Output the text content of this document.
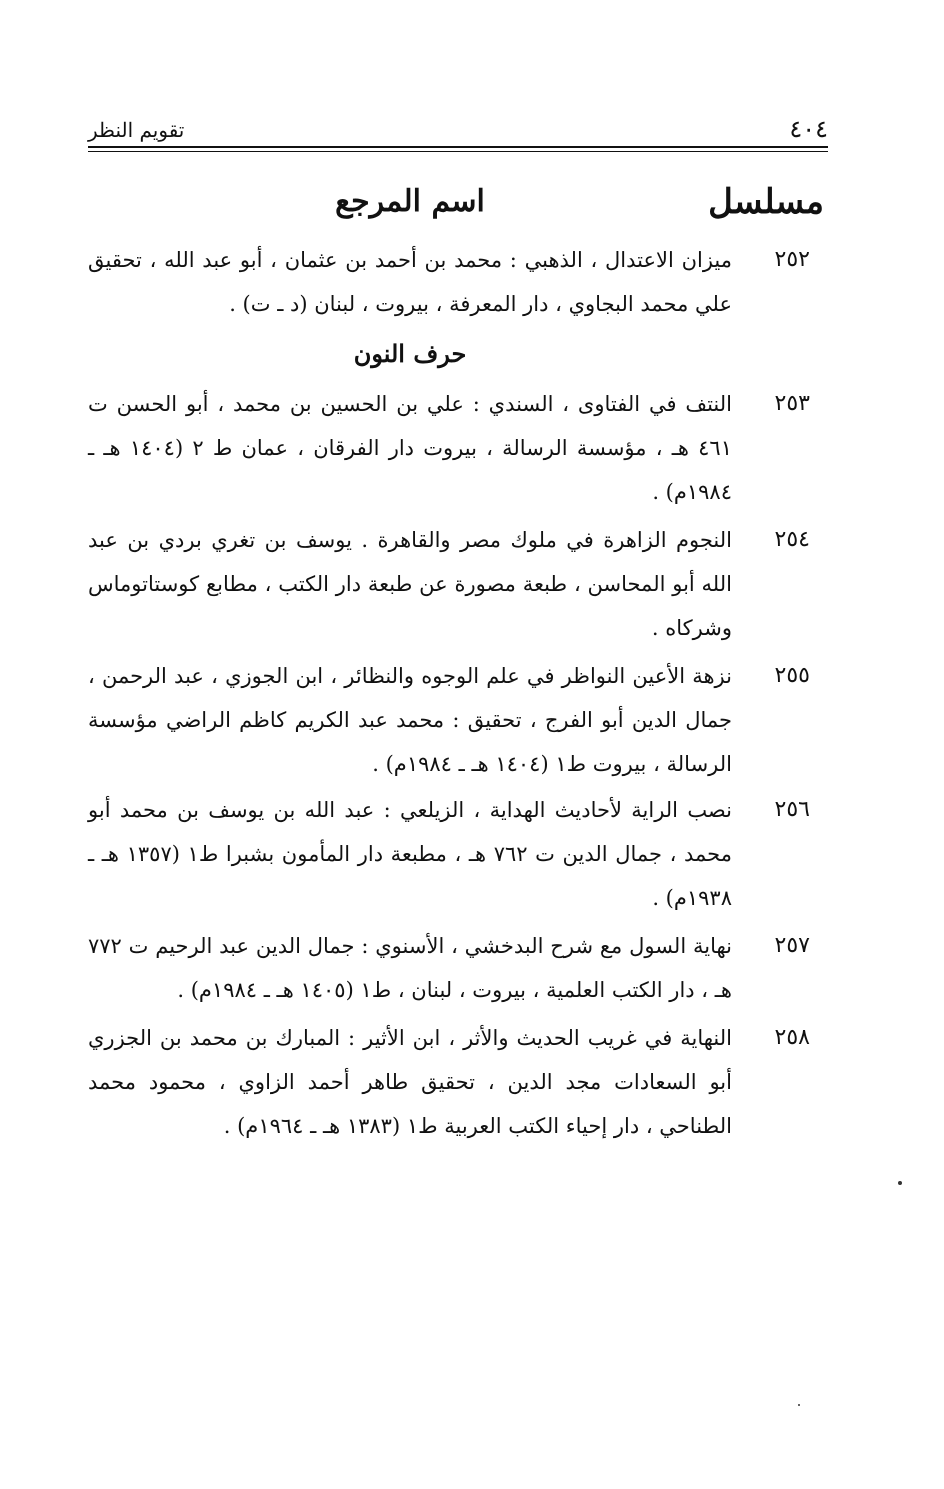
٤٠٤
تقويم النظر
مسلسل
اسم المرجع
٢٥٢

ميزان الاعتدال ، الذهبي : محمد بن أحمد بن عثمان ، أبو عبد الله ، تحقيق علي محمد البجاوي ، دار المعرفة ، بيروت ، لبنان (د ـ ت) .

حرف النون
٢٥٣

النتف في الفتاوى ، السندي : علي بن الحسين بن محمد ، أبو الحسن ت ٤٦١ هـ ، مؤسسة الرسالة ، بيروت دار الفرقان ، عمان ط ٢ (١٤٠٤ هـ ـ ١٩٨٤م) .

٢٥٤

النجوم الزاهرة في ملوك مصر والقاهرة . يوسف بن تغري بردي بن عبد الله أبو المحاسن ، طبعة مصورة عن طبعة دار الكتب ، مطابع كوستاتوماس وشركاه .

٢٥٥

نزهة الأعين النواظر في علم الوجوه والنظائر ، ابن الجوزي ، عبد الرحمن ، جمال الدين أبو الفرج ، تحقيق : محمد عبد الكريم كاظم الراضي مؤسسة الرسالة ، بيروت ط١ (١٤٠٤ هـ ـ ١٩٨٤م) .

٢٥٦

نصب الراية لأحاديث الهداية ، الزيلعي : عبد الله بن يوسف بن محمد أبو محمد ، جمال الدين ت ٧٦٢ هـ ، مطبعة دار المأمون بشبرا ط١ (١٣٥٧ هـ ـ ١٩٣٨م) .

٢٥٧

نهاية السول مع شرح البدخشي ، الأسنوي : جمال الدين عبد الرحيم ت ٧٧٢ هـ ، دار الكتب العلمية ، بيروت ، لبنان ، ط١ (١٤٠٥ هـ ـ ١٩٨٤م) .

٢٥٨

النهاية في غريب الحديث والأثر ، ابن الأثير : المبارك بن محمد بن الجزري أبو السعادات مجد الدين ، تحقيق طاهر أحمد الزاوي ، محمود محمد الطناحي ، دار إحياء الكتب العربية ط١ (١٣٨٣ هـ ـ ١٩٦٤م) .
